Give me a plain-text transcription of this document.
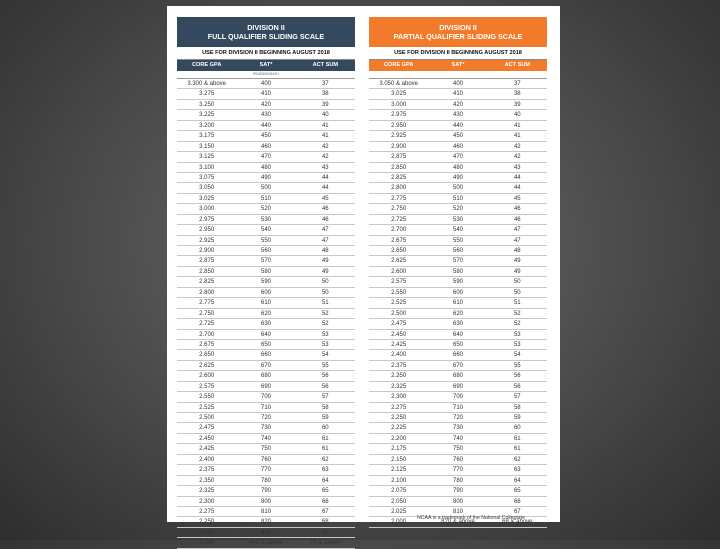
DIVISION II
FULL QUALIFIER SLIDING SCALE
USE FOR DIVISION II BEGINNING AUGUST 2018
CORE GPA	SAT*	ACT SUM
READING/MATH
3.300 & above	400	37
3.275	410	38
3.250	420	39
3.225	430	40
3.200	440	41
3.175	450	41
3.150	460	42
3.125	470	42
3.100	480	43
3.075	490	44
3.050	500	44
3.025	510	45
3.000	520	46
2.975	530	46
2.950	540	47
2.925	550	47
2.900	560	48
2.875	570	49
2.850	580	49
2.825	590	50
2.800	600	50
2.775	610	51
2.750	620	52
2.725	630	52
2.700	640	53
2.675	650	53
2.650	660	54
2.625	670	55
2.600	680	56
2.575	690	56
2.550	700	57
2.525	710	58
2.500	720	59
2.475	730	60
2.450	740	61
2.425	750	61
2.400	760	62
2.375	770	63
2.350	780	64
2.325	790	65
2.300	800	66
2.275	810	67
2.250	820	68
2.225	830	69
2.200	840 & above	70 & above
DIVISION II
PARTIAL QUALIFIER SLIDING SCALE
USE FOR DIVISION II BEGINNING AUGUST 2018
CORE GPA	SAT*	ACT SUM
3.050 & above	400	37
3.025	410	38
3.000	420	39
2.975	430	40
2.950	440	41
2.925	450	41
2.900	460	42
2.875	470	42
2.850	480	43
2.825	490	44
2.800	500	44
2.775	510	45
2.750	520	46
2.725	530	46
2.700	540	47
2.675	550	47
2.650	560	48
2.625	570	49
2.600	580	49
2.575	590	50
2.550	600	50
2.525	610	51
2.500	620	52
2.475	630	52
2.450	640	53
2.425	650	53
2.400	660	54
2.375	670	55
2.350	680	56
2.325	690	56
2.300	700	57
2.275	710	58
2.250	720	59
2.225	730	60
2.200	740	61
2.175	750	61
2.150	760	62
2.125	770	63
2.100	780	64
2.075	790	65
2.050	800	66
2.025	810	67
2.000	820 & above	68 & above
NCAA is a trademark of the National Collegiate
